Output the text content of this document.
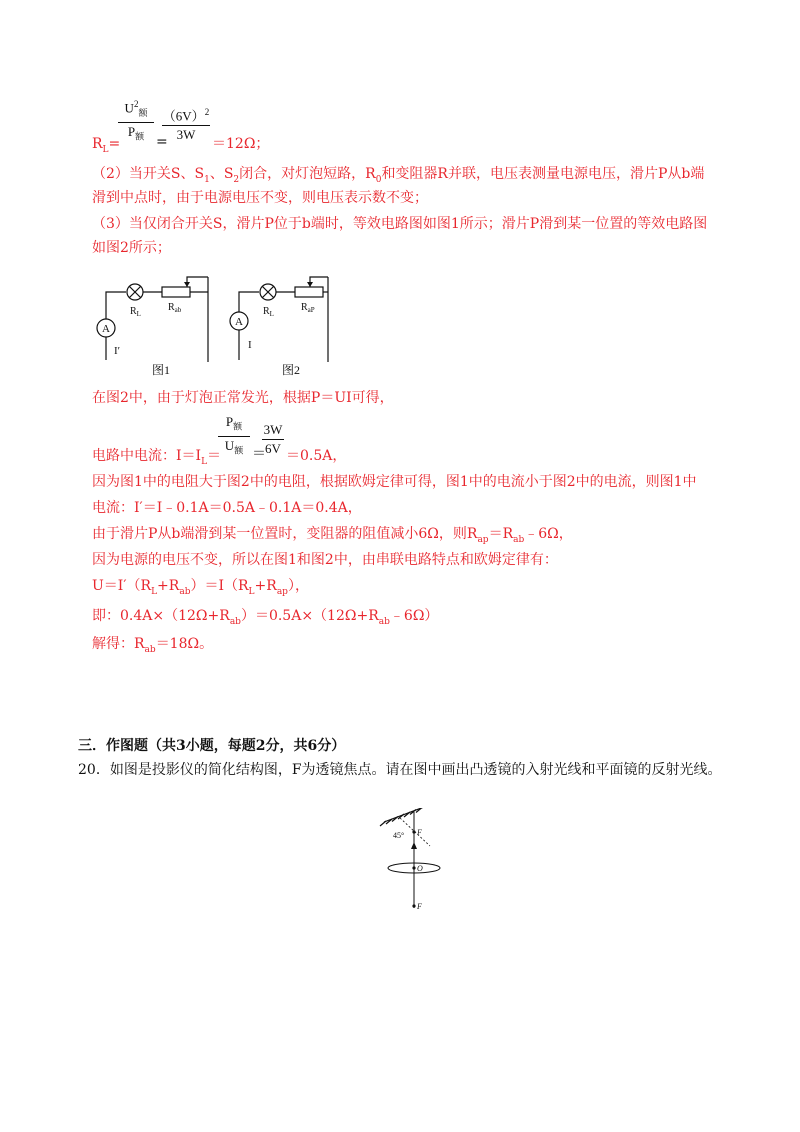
$R_L=$
$U^2_额$
$P_额$ =
$(6V)^2$
3W
＝12Ω；
（2）当开关S、$S_1$、$S_2$闭合，对灯泡短路，$R_0$和变阻器R并联，电压表测量电源电压，滑片P从b端
滑到中点时，由于电源电压不变，则电压表示数不变；
（3）当仅闭合开关S，滑片P位于b端时，等效电路图如图1所示；滑片P滑到某一位置的等效电路图
如图2所示；
A
$R_L$
$R_{ab}$
I′
图1
A
$R_L$
$R_{aP}$
I
图2
在图2中，由于灯泡正常发光，根据P＝UI可得，
电路中电流：$I=I_L=$
$P_额$
$U_额$ ＝
3W
6V ＝0.5A，
因为图1中的电阻大于图2中的电阻，根据欧姆定律可得，图1中的电流小于图2中的电流，则图1中
电流：I′＝I﹣0.1A＝0.5A﹣0.1A＝0.4A，
由于滑片P从b端滑到某一位置时，变阻器的阻值减小6Ω，则$R_{ap}=R_{ab}﹣6\Omega$，
因为电源的电压不变，所以在图1和图2中，由串联电路特点和欧姆定律有：
$U=I'(R_L+R_{ab})=I(R_L+R_{ap})$，
即：$0.4A\times(12\Omega+R_{ab})=0.5A\times(12\Omega+R_{ab}﹣6\Omega)$
解得：$R_{ab}=18\Omega$。
三．作图题（共3小题，每题2分，共6分）
20．如图是投影仪的简化结构图，F为透镜焦点。请在图中画出凸透镜的入射光线和平面镜的反射光线。
45° F
O
F
